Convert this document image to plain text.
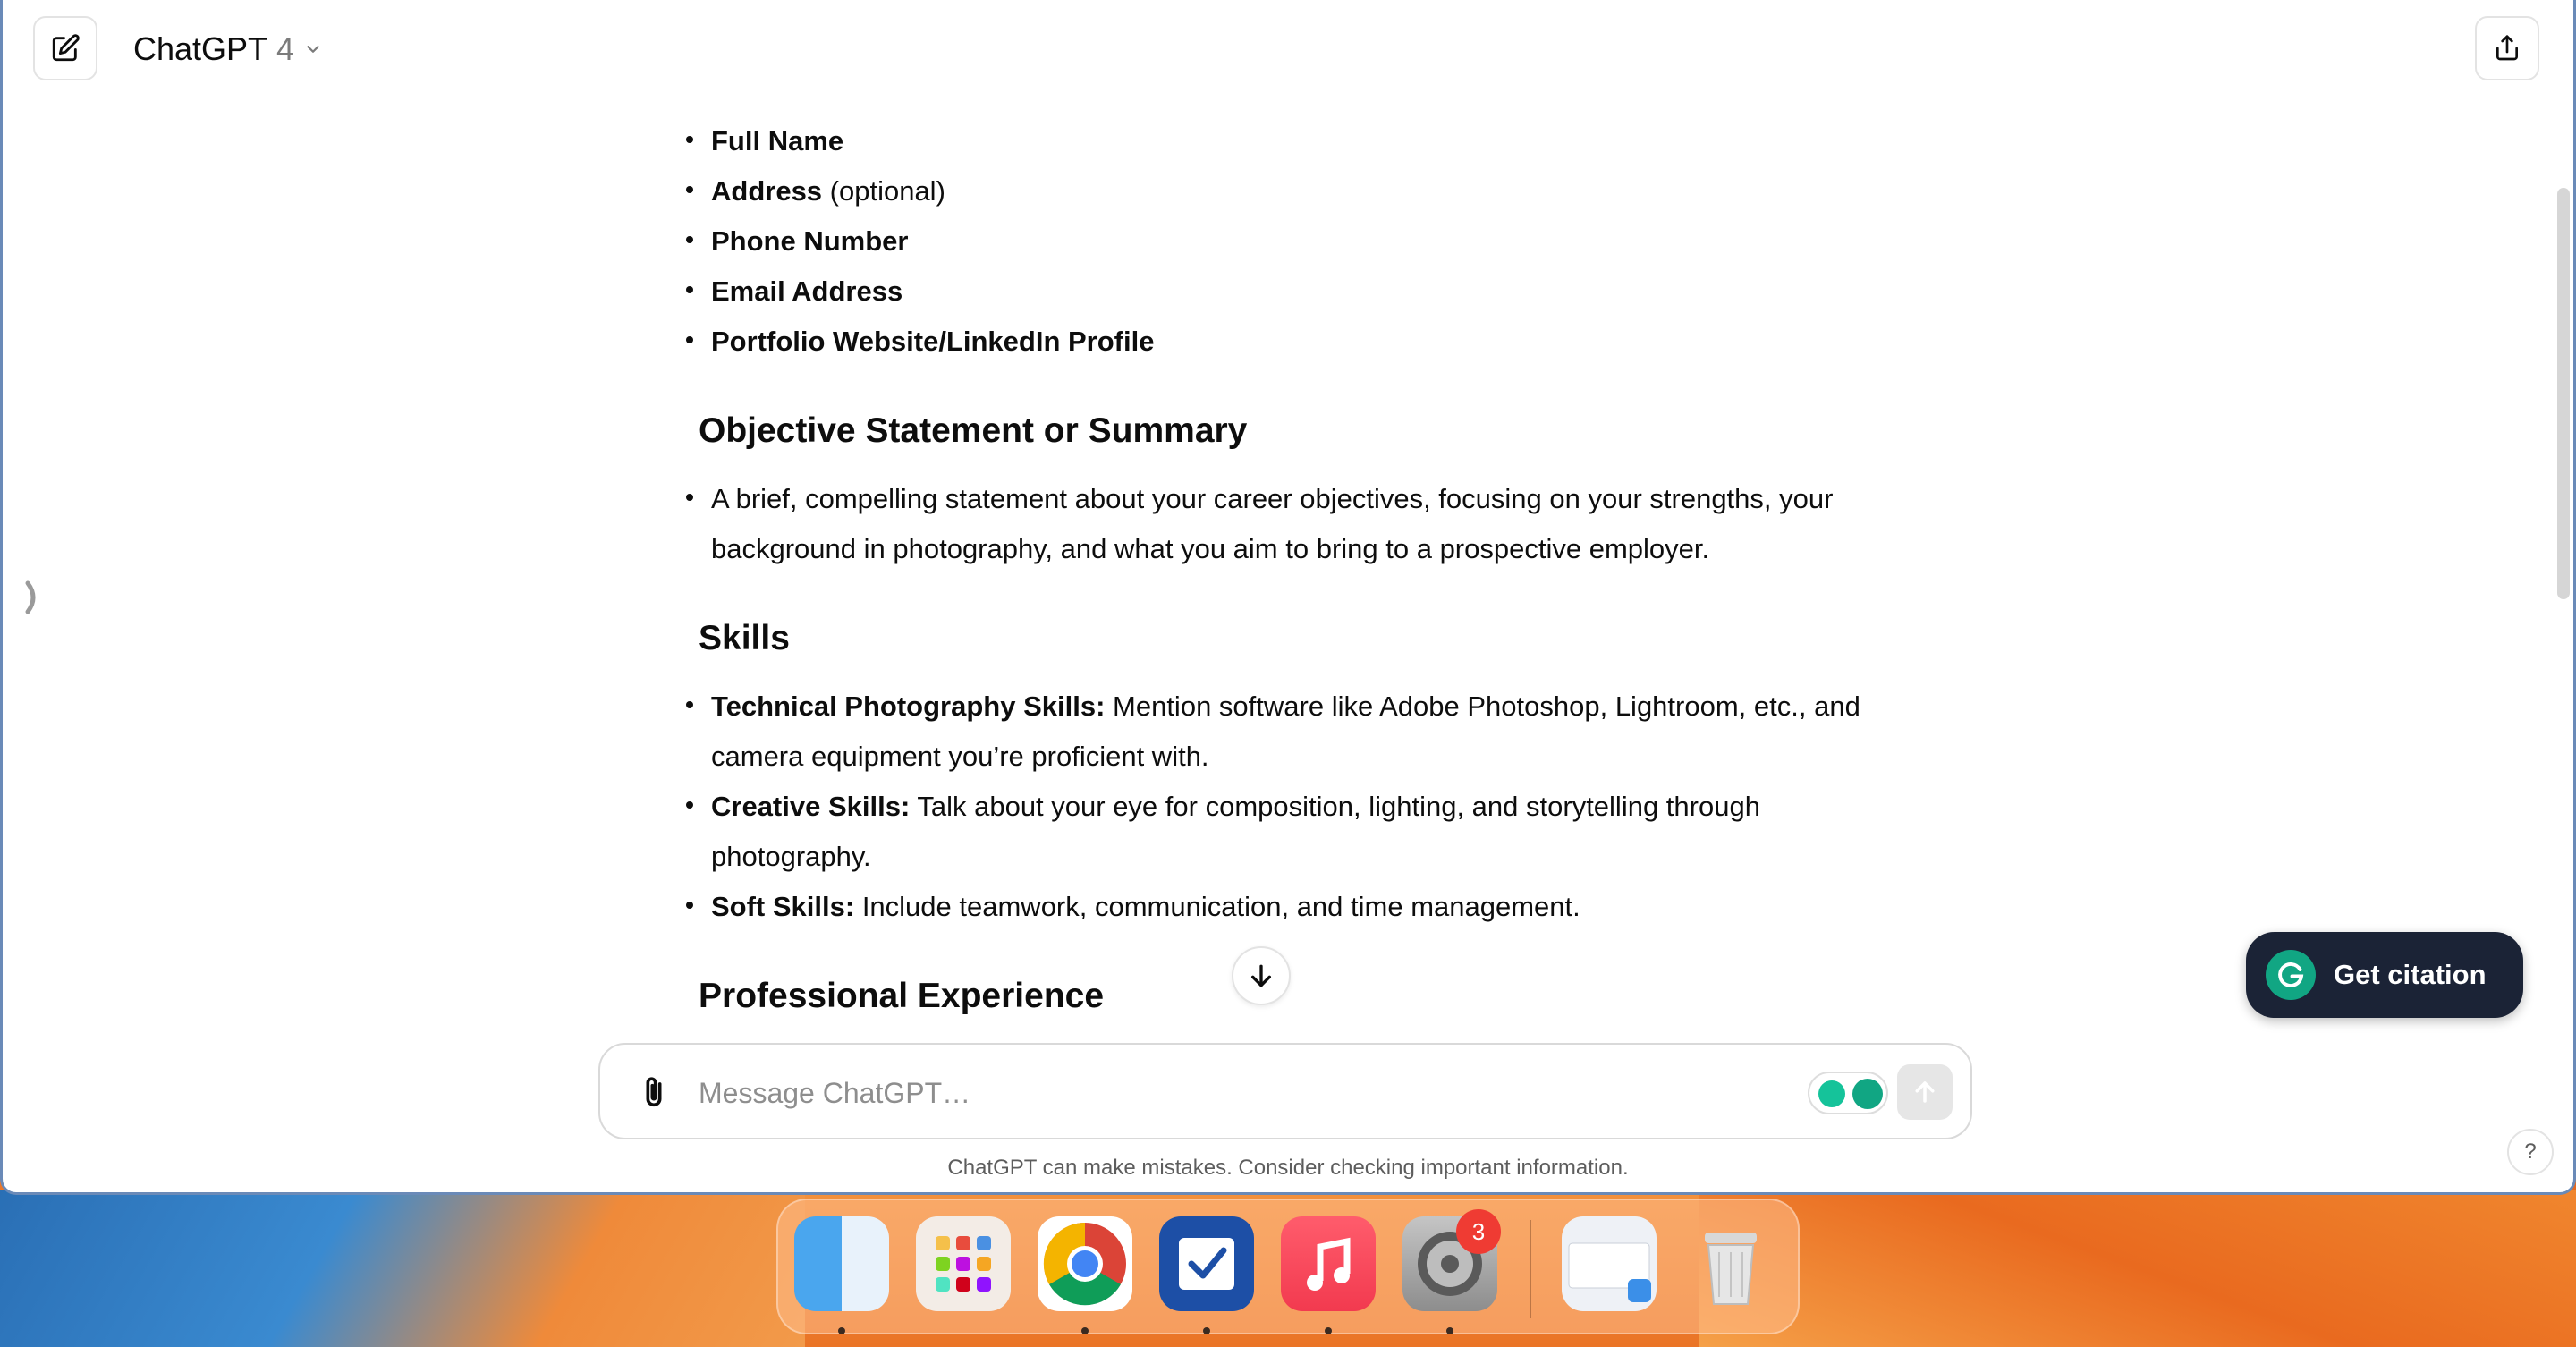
ChatGPT 4
Full Name
Address (optional)
Phone Number
Email Address
Portfolio Website/LinkedIn Profile
Objective Statement or Summary
A brief, compelling statement about your career objectives, focusing on your strengths, your background in photography, and what you aim to bring to a prospective employer.
Skills
Technical Photography Skills: Mention software like Adobe Photoshop, Lightroom, etc., and camera equipment you’re proficient with.
Creative Skills: Talk about your eye for composition, lighting, and storytelling through photography.
Soft Skills: Include teamwork, communication, and time management.
Professional Experience
Message ChatGPT…
ChatGPT can make mistakes. Consider checking important information.
?
Get citation
3
